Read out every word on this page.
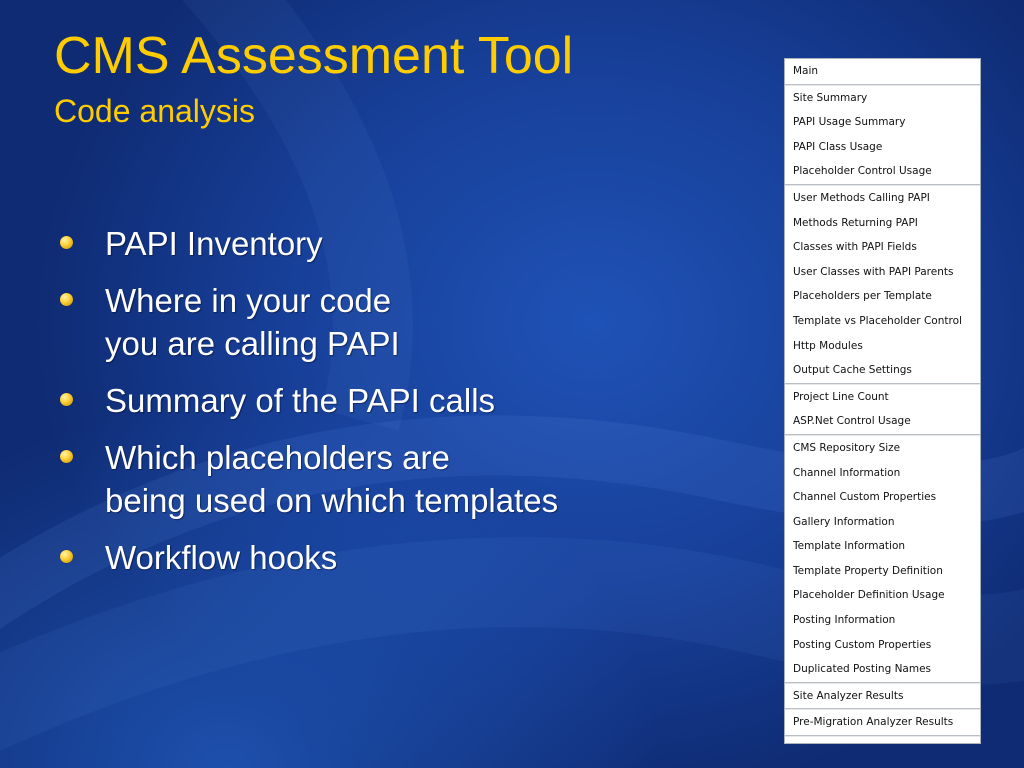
CMS Assessment Tool
Code analysis
PAPI Inventory
Where in your code
you are calling PAPI
Summary of the PAPI calls
Which placeholders are
being used on which templates
Workflow hooks
Main
Site Summary
PAPI Usage Summary
PAPI Class Usage
Placeholder Control Usage
User Methods Calling PAPI
Methods Returning PAPI
Classes with PAPI Fields
User Classes with PAPI Parents
Placeholders per Template
Template vs Placeholder Control
Http Modules
Output Cache Settings
Project Line Count
ASP.Net Control Usage
CMS Repository Size
Channel Information
Channel Custom Properties
Gallery Information
Template Information
Template Property Definition
Placeholder Definition Usage
Posting Information
Posting Custom Properties
Duplicated Posting Names
Site Analyzer Results
Pre-Migration Analyzer Results
